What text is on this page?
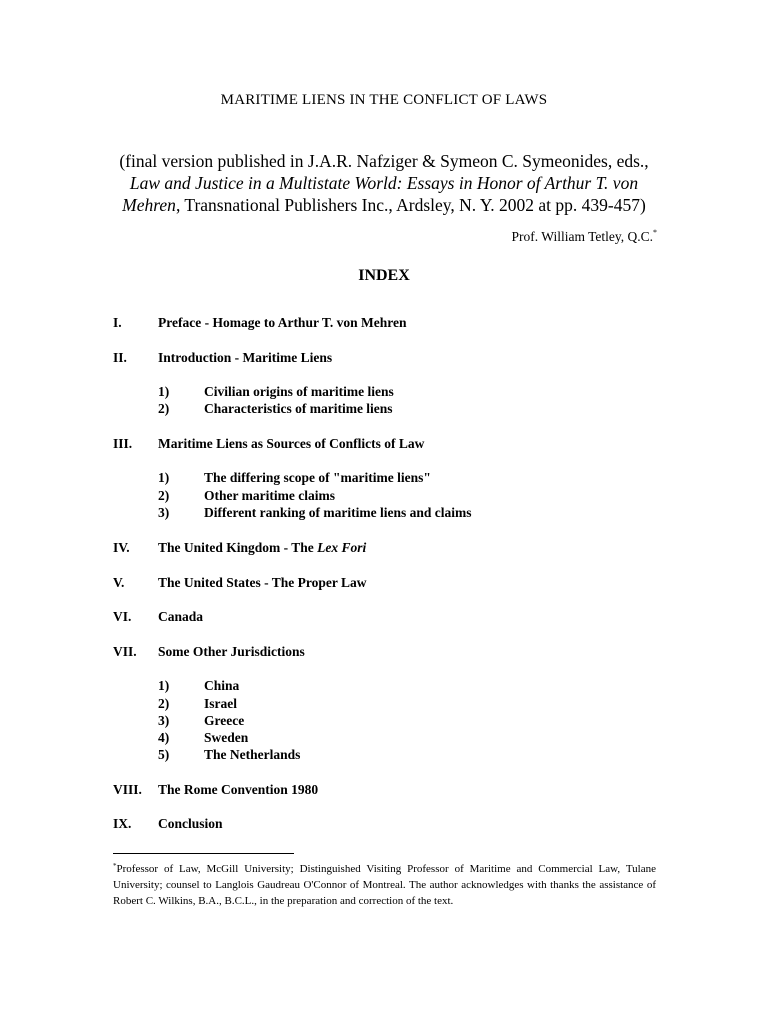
MARITIME LIENS IN THE CONFLICT OF LAWS
(final version published in J.A.R. Nafziger & Symeon C. Symeonides, eds.,
Law and Justice in a Multistate World: Essays in Honor of Arthur T. von
Mehren, Transnational Publishers Inc., Ardsley, N. Y. 2002 at pp. 439-457)
Prof. William Tetley, Q.C.*
INDEX
I.	Preface - Homage to Arthur T. von Mehren
II. Introduction - Maritime Liens
1)	Civilian origins of maritime liens
2)	Characteristics of maritime liens
III. Maritime Liens as Sources of Conflicts of Law
1)	The differing scope of "maritime liens"
2)	Other maritime claims
3)	Different ranking of maritime liens and claims
IV. The United Kingdom - The Lex Fori
V. The United States - The Proper Law
VI. Canada
VII. Some Other Jurisdictions
1)	China
2)	Israel
3)	Greece
4)	Sweden
5)	The Netherlands
VIII. The Rome Convention 1980
IX. Conclusion
*Professor of Law, McGill University; Distinguished Visiting Professor of Maritime and Commercial Law, Tulane University; counsel to Langlois Gaudreau O'Connor of Montreal. The author acknowledges with thanks the assistance of Robert C. Wilkins, B.A., B.C.L., in the preparation and correction of the text.
